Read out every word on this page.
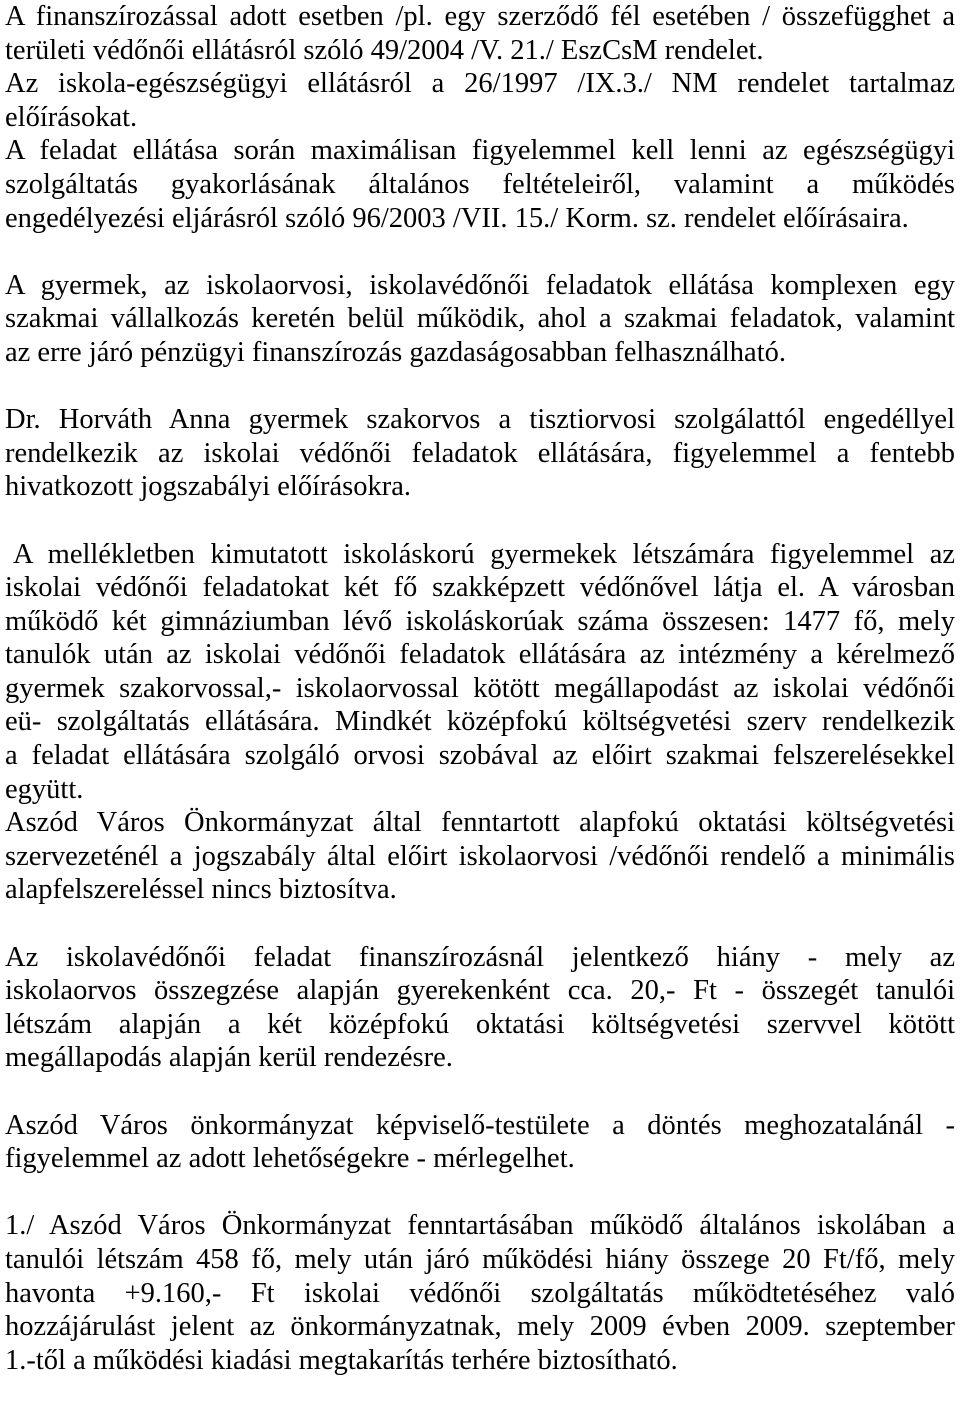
A finanszírozással adott esetben /pl. egy szerződő fél esetében / összefügghet a
területi védőnői ellátásról szóló 49/2004 /V. 21./ EszCsM rendelet.
Az iskola-egészségügyi ellátásról a 26/1997 /IX.3./ NM rendelet tartalmaz
előírásokat.
A feladat ellátása során maximálisan figyelemmel kell lenni az egészségügyi
szolgáltatás gyakorlásának általános feltételeiről, valamint a működés
engedélyezési eljárásról szóló 96/2003 /VII. 15./ Korm. sz. rendelet előírásaira.
A gyermek, az iskolaorvosi, iskolavédőnői feladatok ellátása komplexen egy
szakmai vállalkozás keretén belül működik, ahol a szakmai feladatok, valamint
az erre járó pénzügyi finanszírozás gazdaságosabban felhasználható.
Dr. Horváth Anna gyermek szakorvos a tisztiorvosi szolgálattól engedéllyel
rendelkezik az iskolai védőnői feladatok ellátására, figyelemmel a fentebb
hivatkozott jogszabályi előírásokra.
A mellékletben kimutatott iskoláskorú gyermekek létszámára figyelemmel az
iskolai védőnői feladatokat két fő szakképzett védőnővel látja el. A városban
működő két gimnáziumban lévő iskoláskorúak száma összesen: 1477 fő, mely
tanulók után az iskolai védőnői feladatok ellátására az intézmény a kérelmező
gyermek szakorvossal,- iskolaorvossal kötött megállapodást az iskolai védőnői
eü- szolgáltatás ellátására. Mindkét középfokú költségvetési szerv rendelkezik
a feladat ellátására szolgáló orvosi szobával az előirt szakmai felszerelésekkel
együtt.
Aszód Város Önkormányzat által fenntartott alapfokú oktatási költségvetési
szervezeténél a jogszabály által előirt iskolaorvosi /védőnői rendelő a minimális
alapfelszereléssel nincs biztosítva.
Az iskolavédőnői feladat finanszírozásnál jelentkező hiány - mely az
iskolaorvos összegzése alapján gyerekenként cca. 20,- Ft - összegét tanulói
létszám alapján a két középfokú oktatási költségvetési szervvel kötött
megállapodás alapján kerül rendezésre.
Aszód Város önkormányzat képviselő-testülete a döntés meghozatalánál -
figyelemmel az adott lehetőségekre - mérlegelhet.
1./ Aszód Város Önkormányzat fenntartásában működő általános iskolában a
tanulói létszám 458 fő, mely után járó működési hiány összege 20 Ft/fő, mely
havonta +9.160,- Ft iskolai védőnői szolgáltatás működtetéséhez való
hozzájárulást jelent az önkormányzatnak, mely 2009 évben 2009. szeptember
1.-től a működési kiadási megtakarítás terhére biztosítható.
